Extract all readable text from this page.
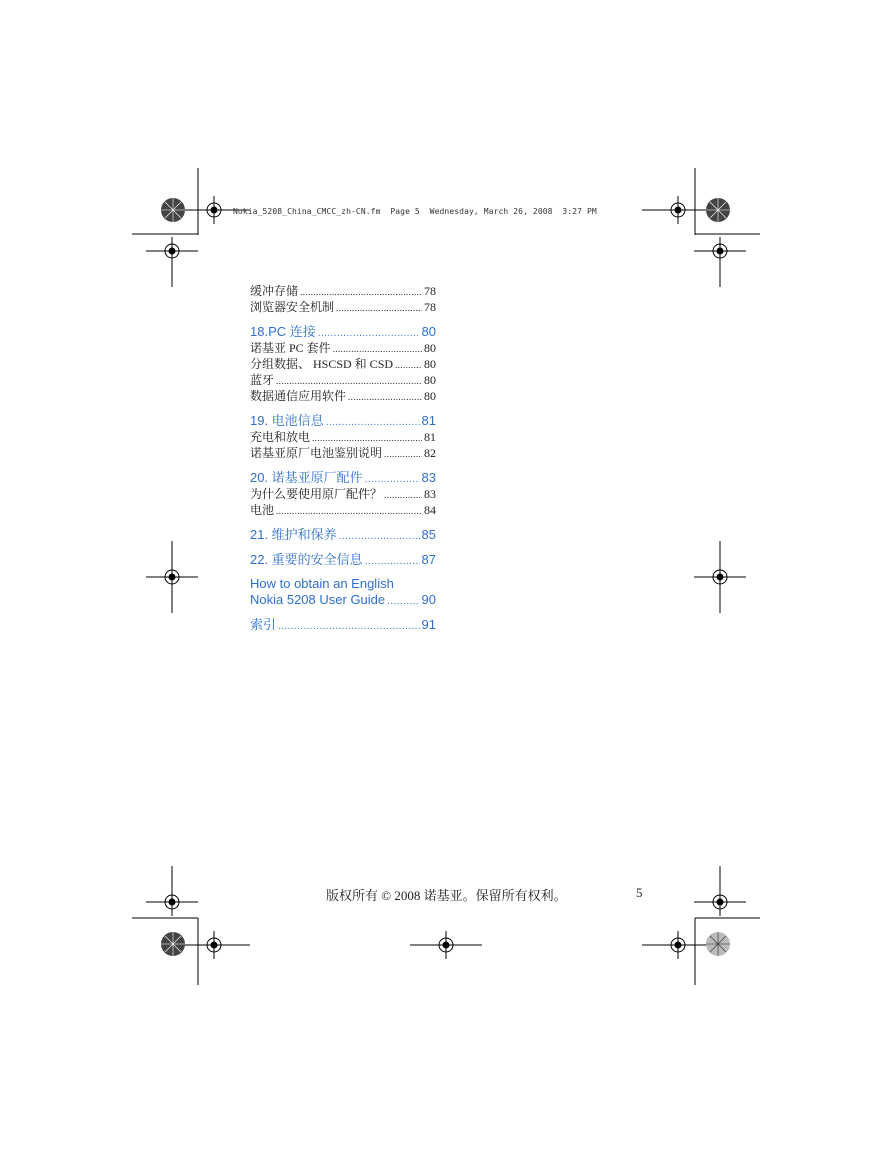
Nokia_5208_China_CMCC_zh-CN.fm  Page 5  Wednesday, March 26, 2008  3:27 PM
缓冲存储 .....	78
浏览器安全机制 .....	78
18.PC 连接 .....	80
诺基亚 PC 套件 .....	80
分组数据、 HSCSD 和 CSD .....	80
蓝牙 .....	80
数据通信应用软件 .....	80
19. 电池信息 .....	81
充电和放电 .....	81
诺基亚原厂电池鉴别说明 .....	82
20. 诺基亚原厂配件 .....	83
为什么要使用原厂配件？ .....	83
电池 .....	84
21. 维护和保养 .....	85
22. 重要的安全信息 .....	87
How to obtain an English
Nokia 5208 User Guide .....	90
索引 .....	91
版权所有 © 2008 诺基亚。保留所有权利。	5
